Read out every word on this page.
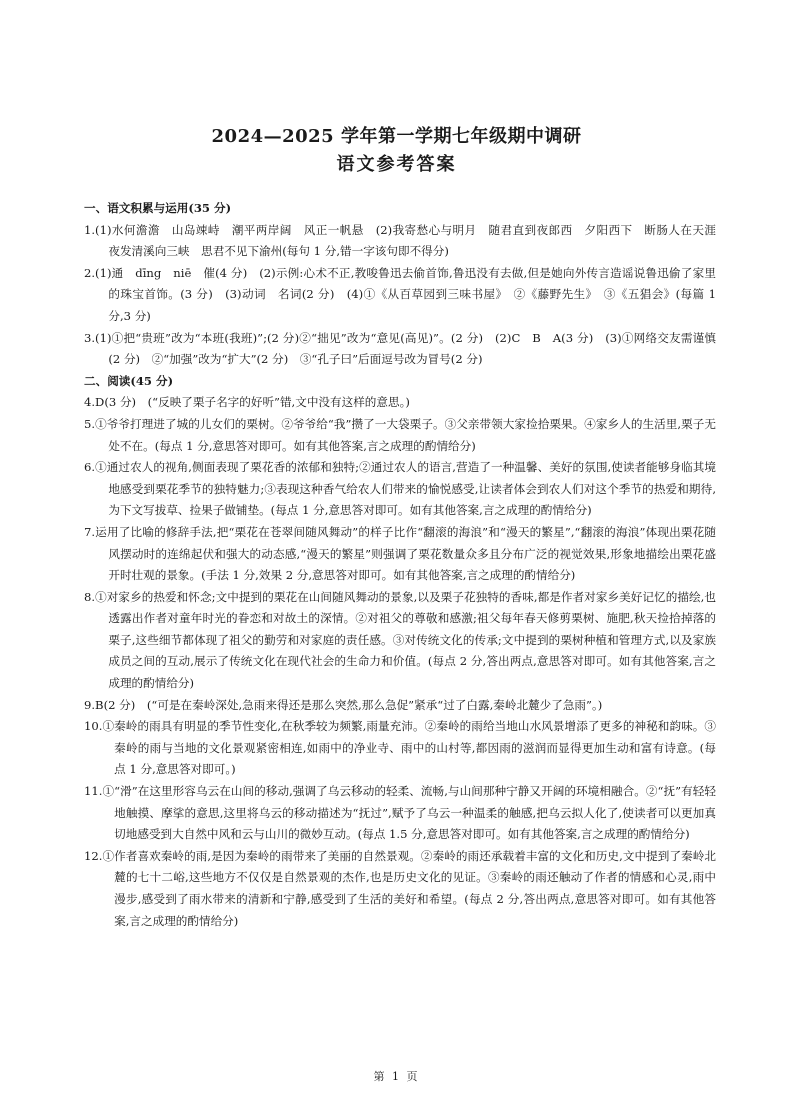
2024—2025 学年第一学期七年级期中调研
语文参考答案

一、语文积累与运用(35 分)

1.(1)水何澹澹　山岛竦峙　潮平两岸阔　风正一帆悬　(2)我寄愁心与明月　随君直到夜郎西　夕阳西下　断肠人在天涯　夜发清溪向三峡　思君不见下渝州(每句 1 分,错一字该句即不得分)

2.(1)通　dīng　niē　催(4 分)　(2)示例:心术不正,教唆鲁迅去偷首饰,鲁迅没有去做,但是她向外传言造谣说鲁迅偷了家里的珠宝首饰。(3 分)　(3)动词　名词(2 分)　(4)①《从百草园到三味书屋》　②《藤野先生》　③《五猖会》(每篇 1 分,3 分)

3.(1)①把“贵班”改为“本班(我班)”;(2 分)②“拙见”改为“意见(高见)”。(2 分)　(2)C　B　A(3 分)　(3)①网络交友需谨慎(2 分)　②“加强”改为“扩大”(2 分)　③“孔子曰”后面逗号改为冒号(2 分)

二、阅读(45 分)

4.D(3 分)　(“反映了栗子名字的好听”错,文中没有这样的意思。)

5.①爷爷打理进了城的儿女们的栗树。②爷爷给“我”攒了一大袋栗子。③父亲带领大家捡拾栗果。④家乡人的生活里,栗子无处不在。(每点 1 分,意思答对即可。如有其他答案,言之成理的酌情给分)

6.①通过农人的视角,侧面表现了栗花香的浓郁和独特;②通过农人的语言,营造了一种温馨、美好的氛围,使读者能够身临其境地感受到栗花季节的独特魅力;③表现这种香气给农人们带来的愉悦感受,让读者体会到农人们对这个季节的热爱和期待,为下文写拔草、捡果子做铺垫。(每点 1 分,意思答对即可。如有其他答案,言之成理的酌情给分)

7.运用了比喻的修辞手法,把“栗花在苍翠间随风舞动”的样子比作“翻滚的海浪”和“漫天的繁星”,“翻滚的海浪”体现出栗花随风摆动时的连绵起伏和强大的动态感,“漫天的繁星”则强调了栗花数量众多且分布广泛的视觉效果,形象地描绘出栗花盛开时壮观的景象。(手法 1 分,效果 2 分,意思答对即可。如有其他答案,言之成理的酌情给分)

8.①对家乡的热爱和怀念;文中提到的栗花在山间随风舞动的景象,以及栗子花独特的香味,都是作者对家乡美好记忆的描绘,也透露出作者对童年时光的眷恋和对故土的深情。②对祖父的尊敬和感激;祖父每年春天修剪栗树、施肥,秋天捡拾掉落的栗子,这些细节都体现了祖父的勤劳和对家庭的责任感。③对传统文化的传承;文中提到的栗树种植和管理方式,以及家族成员之间的互动,展示了传统文化在现代社会的生命力和价值。(每点 2 分,答出两点,意思答对即可。如有其他答案,言之成理的酌情给分)

9.B(2 分)　(“可是在秦岭深处,急雨来得还是那么突然,那么急促”紧承“过了白露,秦岭北麓少了急雨”。)

10.①秦岭的雨具有明显的季节性变化,在秋季较为频繁,雨量充沛。②秦岭的雨给当地山水风景增添了更多的神秘和韵味。③秦岭的雨与当地的文化景观紧密相连,如雨中的净业寺、雨中的山村等,都因雨的滋润而显得更加生动和富有诗意。(每点 1 分,意思答对即可。)

11.①“滑”在这里形容乌云在山间的移动,强调了乌云移动的轻柔、流畅,与山间那种宁静又开阔的环境相融合。②“抚”有轻轻地触摸、摩挲的意思,这里将乌云的移动描述为“抚过”,赋予了乌云一种温柔的触感,把乌云拟人化了,使读者可以更加真切地感受到大自然中风和云与山川的微妙互动。(每点 1.5 分,意思答对即可。如有其他答案,言之成理的酌情给分)

12.①作者喜欢秦岭的雨,是因为秦岭的雨带来了美丽的自然景观。②秦岭的雨还承载着丰富的文化和历史,文中提到了秦岭北麓的七十二峪,这些地方不仅仅是自然景观的杰作,也是历史文化的见证。③秦岭的雨还触动了作者的情感和心灵,雨中漫步,感受到了雨水带来的清新和宁静,感受到了生活的美好和希望。(每点 2 分,答出两点,意思答对即可。如有其他答案,言之成理的酌情给分)

第 1 页
